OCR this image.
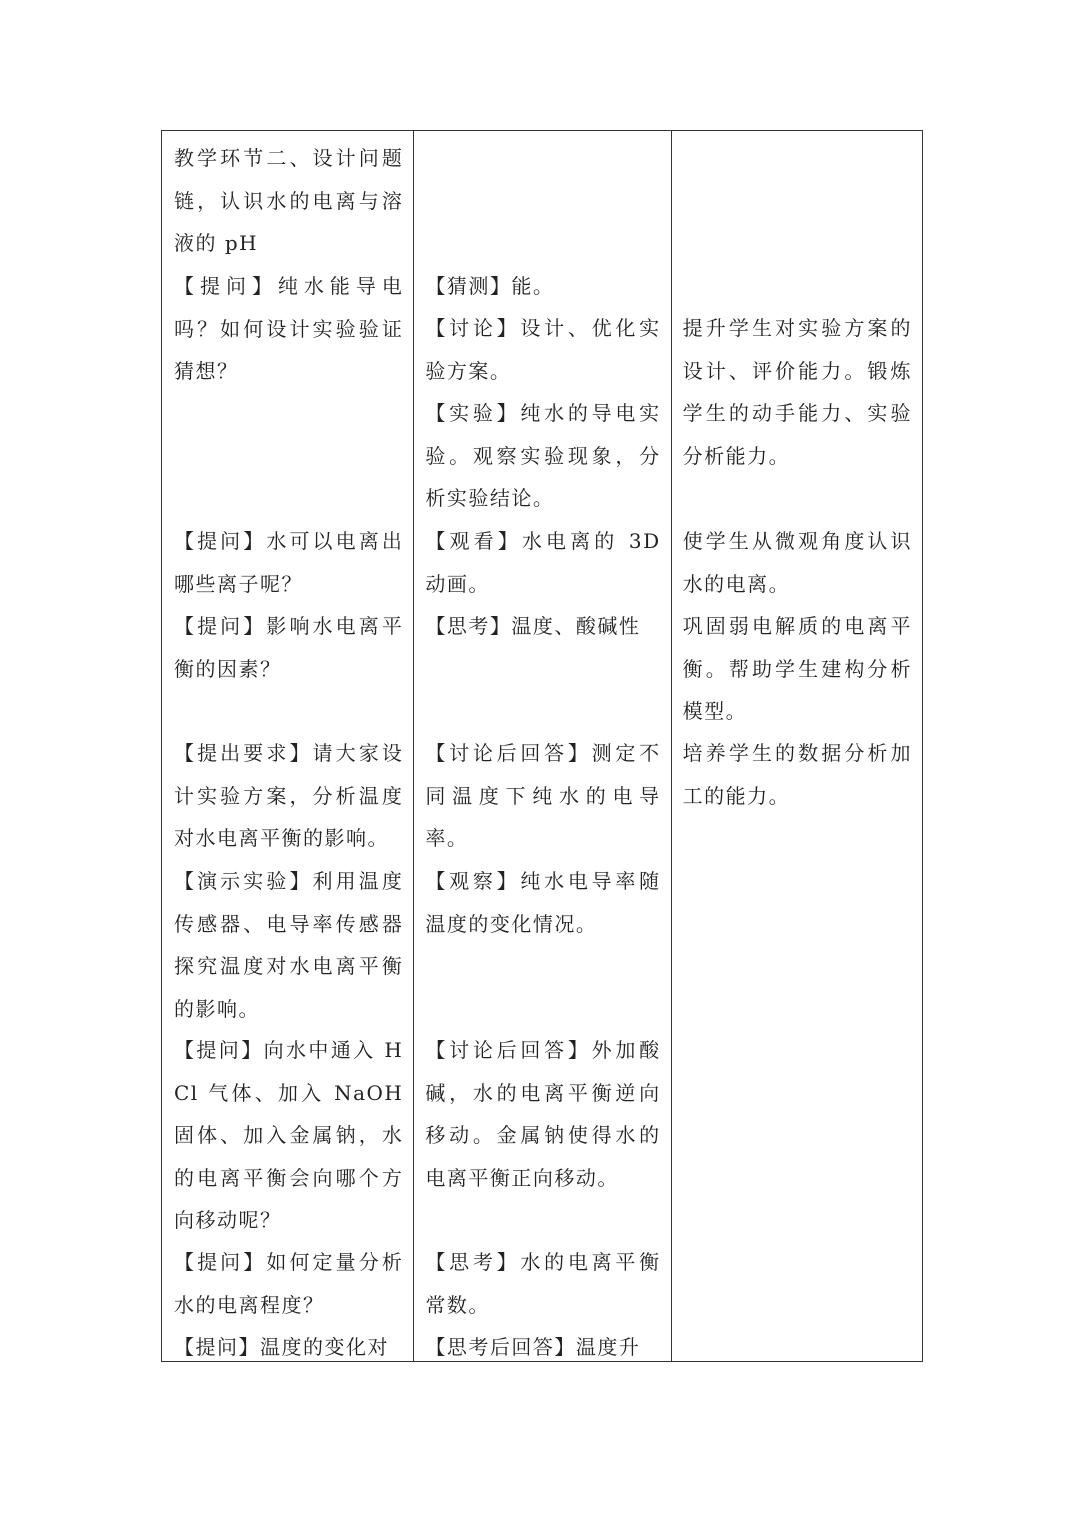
教学环节二、设计问题链，认识水的电离与溶液的 pH
【提问】纯水能导电吗？如何设计实验验证猜想？
【提问】水可以电离出哪些离子呢？
【提问】影响水电离平衡的因素？
【提出要求】请大家设计实验方案，分析温度对水电离平衡的影响。
【演示实验】利用温度传感器、电导率传感器探究温度对水电离平衡的影响。
【提问】向水中通入 HCl 气体、加入 NaOH 固体、加入金属钠，水的电离平衡会向哪个方向移动呢？
【提问】如何定量分析水的电离程度？
【提问】温度的变化对
【猜测】能。
【讨论】设计、优化实验方案。
【实验】纯水的导电实验。观察实验现象，分析实验结论。
【观看】水电离的 3D 动画。
【思考】温度、酸碱性
【讨论后回答】测定不同温度下纯水的电导率。
【观察】纯水电导率随温度的变化情况。
【讨论后回答】外加酸碱，水的电离平衡逆向移动。金属钠使得水的电离平衡正向移动。
【思考】水的电离平衡常数。
【思考后回答】温度升
提升学生对实验方案的设计、评价能力。锻炼学生的动手能力、实验分析能力。
使学生从微观角度认识水的电离。
巩固弱电解质的电离平衡。帮助学生建构分析模型。
培养学生的数据分析加工的能力。
